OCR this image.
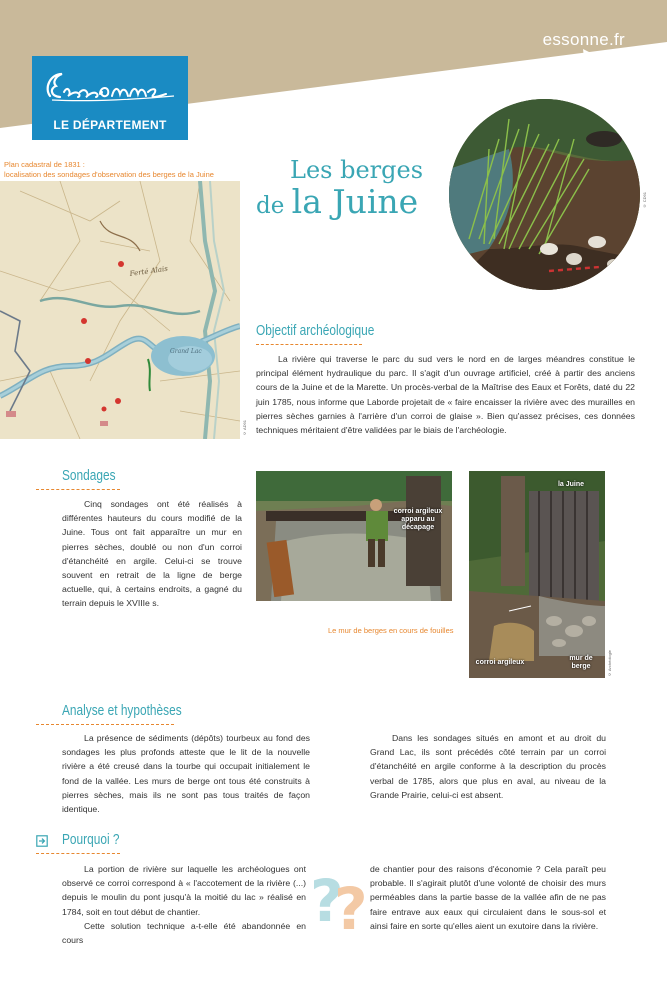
essonne.fr
LE DÉPARTEMENT
Plan cadastral de 1831 :
localisation des sondages d'observation des berges de la Juine
Ferté Alais
Grand Lac
© AD91
Les berges
de la Juine	© CD91
Objectif archéologique

La rivière qui traverse le parc du sud vers le nord en de larges méandres constitue le principal élément hydraulique du parc. Il s'agit d'un ouvrage artificiel, créé à partir des anciens cours de la Juine et de la Marette. Un procès-verbal de la Maîtrise des Eaux et Forêts, daté du 22 juin 1785, nous informe que Laborde projetait de « faire encaisser la rivière avec des murailles en pierres sèches garnies à l'arrière d'un corroi de glaise ». Bien qu'assez précises, ces données techniques méritaient d'être validées par le biais de l'archéologie.

Sondages

Cinq sondages ont été réalisés à différentes hauteurs du cours modifié de la Juine. Tous ont fait apparaître un mur en pierres sèches, doublé ou non d'un corroi d'étanchéité en argile. Celui-ci se trouve souvent en retrait de la ligne de berge actuelle, qui, à certains endroits, a gagné du terrain depuis le XVIIIe s.

corroi argileux apparu au décapage
la Juine
corroi argileux
mur de berge	© Archéologie
Le mur de berges en cours de fouilles
Analyse et hypothèses

La présence de sédiments (dépôts) tourbeux au fond des sondages les plus profonds atteste que le lit de la nouvelle rivière a été creusé dans la tourbe qui occupait initialement le fond de la vallée. Les murs de berge ont tous été construits à pierres sèches, mais ils ne sont pas tous traités de façon identique.

Dans les sondages situés en amont et au droit du Grand Lac, ils sont précédés côté terrain par un corroi d'étanchéité en argile conforme à la description du procès verbal de 1785, alors que plus en aval, au niveau de la Grande Prairie, celui-ci est absent.

Pourquoi ?

La portion de rivière sur laquelle les archéologues ont observé ce corroi correspond à « l'accotement de la rivière (...) depuis le moulin du pont jusqu'à la moitié du lac » réalisé en 1784, soit en tout début de chantier.

Cette solution technique a-t-elle été abandonnée en cours

de chantier pour des raisons d'économie ? Cela paraît peu probable. Il s'agirait plutôt d'une volonté de choisir des murs perméables dans la partie basse de la vallée afin de ne pas faire entrave aux eaux qui circulaient dans le sous-sol et ainsi faire en sorte qu'elles aient un exutoire dans la rivière.

?
?
